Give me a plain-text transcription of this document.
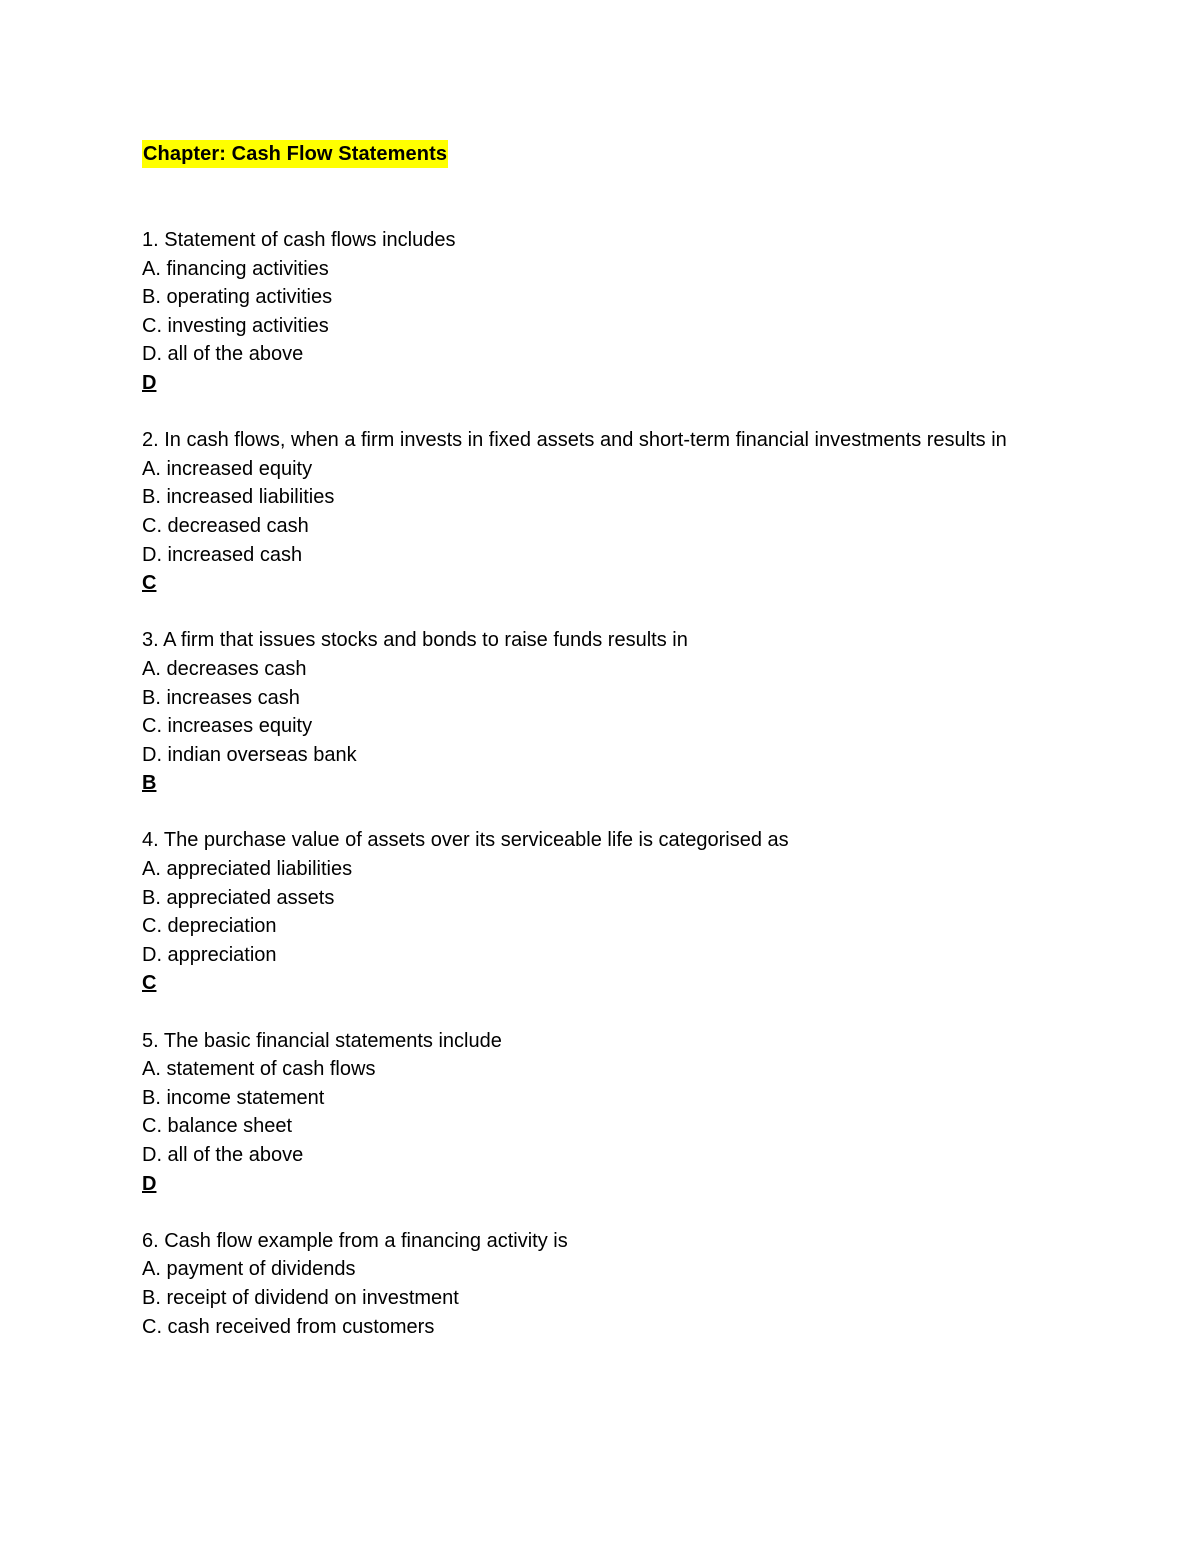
Chapter: Cash Flow Statements
1. Statement of cash flows includes
A. financing activities
B. operating activities
C. investing activities
D. all of the above
D
2. In cash flows, when a firm invests in fixed assets and short-term financial investments results in
A. increased equity
B. increased liabilities
C. decreased cash
D. increased cash
C
3. A firm that issues stocks and bonds to raise funds results in
A. decreases cash
B. increases cash
C. increases equity
D. indian overseas bank
B
4. The purchase value of assets over its serviceable life is categorised as
A. appreciated liabilities
B. appreciated assets
C. depreciation
D. appreciation
C
5. The basic financial statements include
A. statement of cash flows
B. income statement
C. balance sheet
D. all of the above
D
6. Cash flow example from a financing activity is
A. payment of dividends
B. receipt of dividend on investment
C. cash received from customers
